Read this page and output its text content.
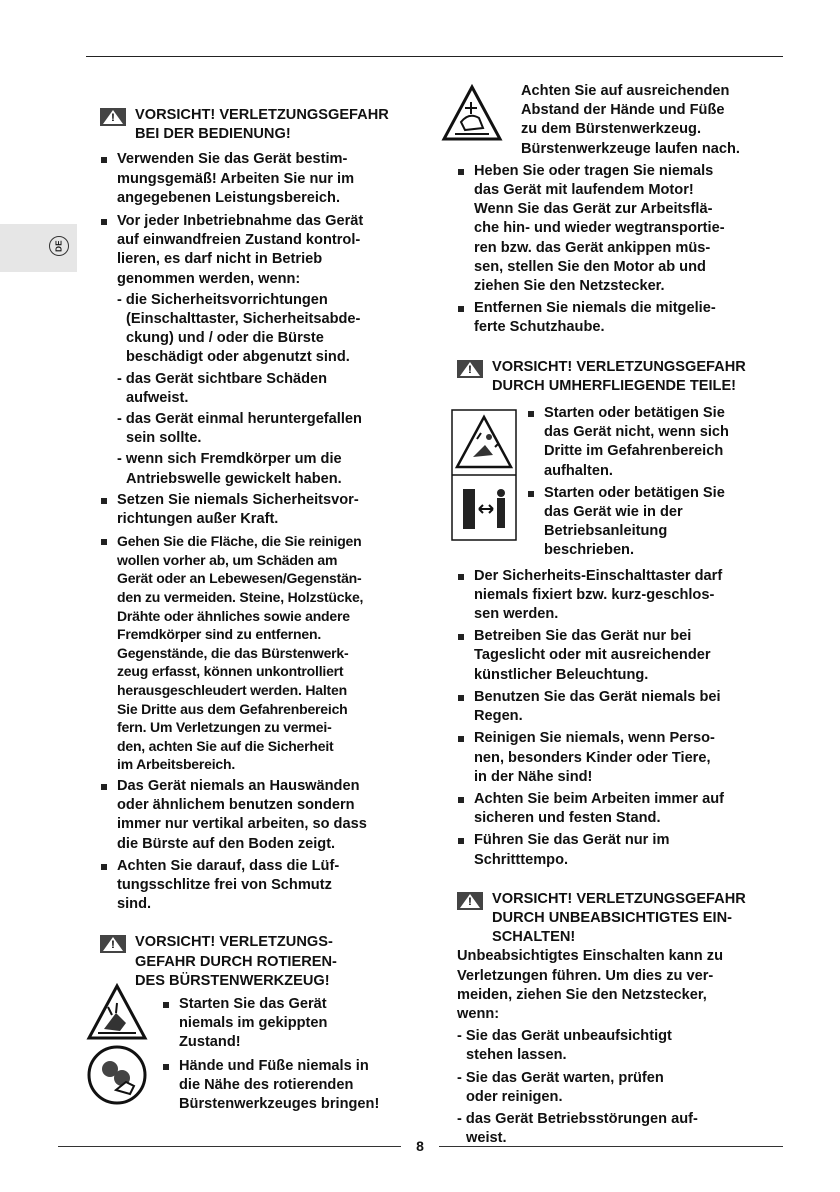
DE
!
VORSICHT! VERLETZUNGSGEFAHR
BEI DER BEDIENUNG!
Verwenden Sie das Gerät bestim-
mungsgemäß! Arbeiten Sie nur im
angegebenen Leistungsbereich.
Vor jeder Inbetriebnahme das Gerät
auf einwandfreien Zustand kontrol-
lieren, es darf nicht in Betrieb
genommen werden, wenn:
- die Sicherheitsvorrichtungen
(Einschalttaster, Sicherheitsabde-
ckung) und / oder die Bürste
beschädigt oder abgenutzt sind.
- das Gerät sichtbare Schäden
aufweist.
- das Gerät einmal heruntergefallen
sein sollte.
- wenn sich Fremdkörper um die
Antriebswelle gewickelt haben.
Setzen Sie niemals Sicherheitsvor-
richtungen außer Kraft.
Gehen Sie die Fläche, die Sie reinigen
wollen vorher ab, um Schäden am
Gerät oder an Lebewesen/Gegenstän-
den zu vermeiden. Steine, Holzstücke,
Drähte oder ähnliches sowie andere
Fremdkörper sind zu entfernen.
Gegenstände, die das Bürstenwerk-
zeug erfasst, können unkontrolliert
herausgeschleudert werden. Halten
Sie Dritte aus dem Gefahrenbereich
fern. Um Verletzungen zu vermei-
den, achten Sie auf die Sicherheit
im Arbeitsbereich.
Das Gerät niemals an Hauswänden
oder ähnlichem benutzen sondern
immer nur vertikal arbeiten, so dass
die Bürste auf den Boden zeigt.
Achten Sie darauf, dass die Lüf-
tungsschlitze frei von Schmutz
sind.
!
VORSICHT! VERLETZUNGS-
GEFAHR DURCH ROTIEREN-
DES BÜRSTENWERKZEUG!
Starten Sie das Gerät
niemals im gekippten
Zustand!
Hände und Füße niemals in
die Nähe des rotierenden
Bürstenwerkzeuges bringen!
Achten Sie auf ausreichenden
Abstand der Hände und Füße
zu dem Bürstenwerkzeug.
Bürstenwerkzeuge laufen nach.
Heben Sie oder tragen Sie niemals
das Gerät mit laufendem Motor!
Wenn Sie das Gerät zur Arbeitsflä-
che hin- und wieder wegtransportie-
ren bzw. das Gerät ankippen müs-
sen, stellen Sie den Motor ab und
ziehen Sie den Netzstecker.
Entfernen Sie niemals die mitgelie-
ferte Schutzhaube.
!
VORSICHT! VERLETZUNGSGEFAHR
DURCH UMHERFLIEGENDE TEILE!
Starten oder betätigen Sie
das Gerät nicht, wenn sich
Dritte im Gefahrenbereich
aufhalten.
Starten oder betätigen Sie
das Gerät wie in der
Betriebsanleitung
beschrieben.
Der Sicherheits-Einschalttaster darf
niemals fixiert bzw. kurz-geschlos-
sen werden.
Betreiben Sie das Gerät nur bei
Tageslicht oder mit ausreichender
künstlicher Beleuchtung.
Benutzen Sie das Gerät niemals bei
Regen.
Reinigen Sie niemals, wenn Perso-
nen, besonders Kinder oder Tiere,
in der Nähe sind!
Achten Sie beim Arbeiten immer auf
sicheren und festen Stand.
Führen Sie das Gerät nur im
Schritttempo.
!
VORSICHT! VERLETZUNGSGEFAHR
DURCH UNBEABSICHTIGTES EIN-
SCHALTEN!
Unbeabsichtigtes Einschalten kann zu
Verletzungen führen. Um dies zu ver-
meiden, ziehen Sie den Netzstecker,
wenn:
- Sie das Gerät unbeaufsichtigt
stehen lassen.
- Sie das Gerät warten, prüfen
oder reinigen.
- das Gerät Betriebsstörungen auf-
weist.
8
